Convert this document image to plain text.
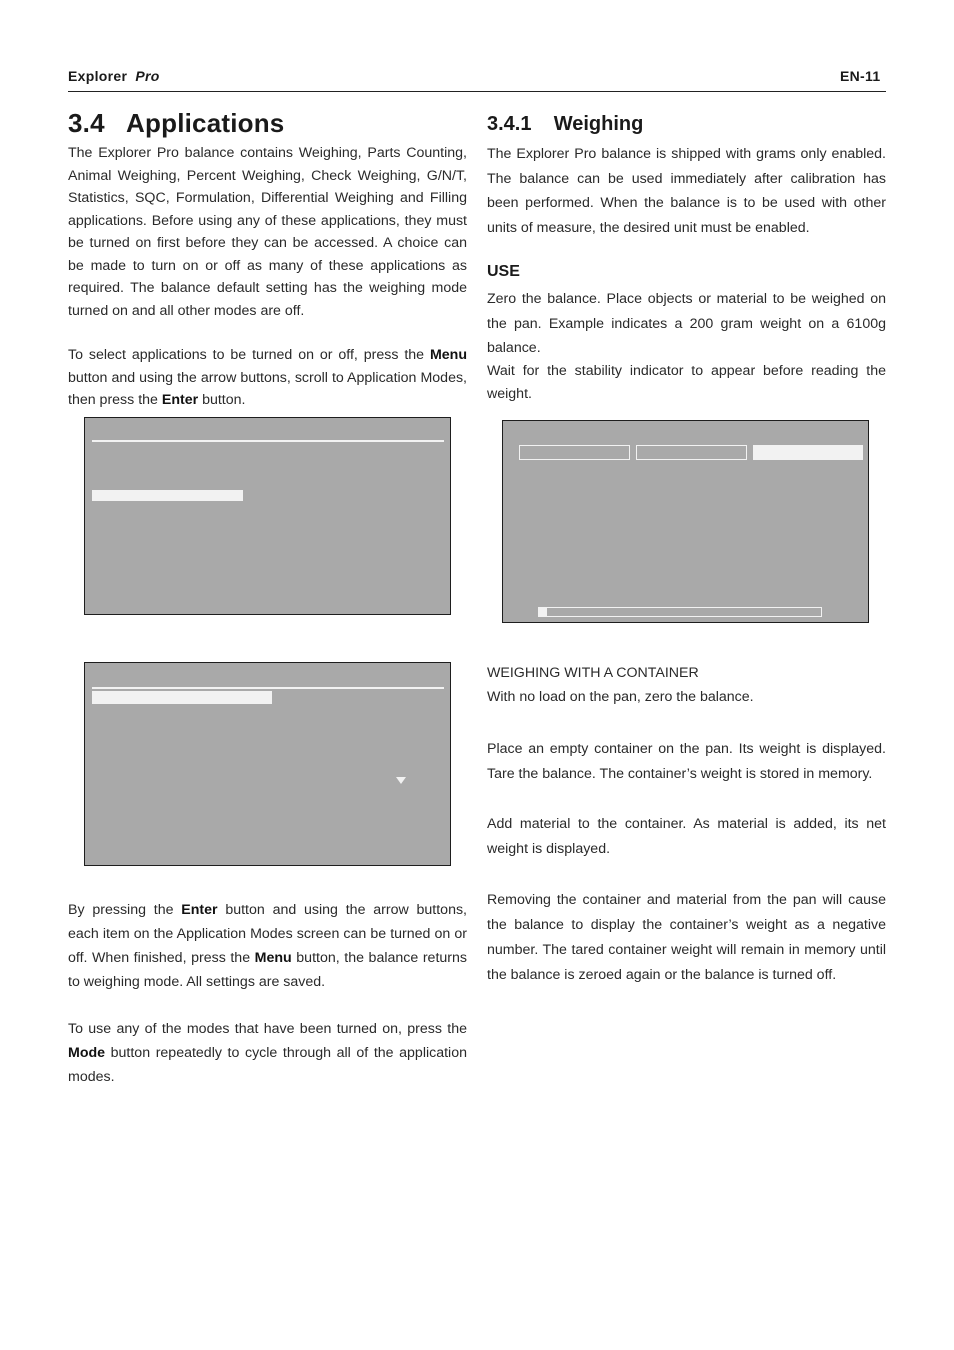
Explorer Pro	EN-11
3.4   Applications

The Explorer Pro balance contains Weighing, Parts Counting, Animal Weighing, Percent Weighing, Check Weighing, G/N/T, Statistics, SQC, Formulation, Differential Weighing and Filling applications. Before using any of these applications, they must be turned on first before they can be accessed. A choice can be made to turn on or off as many of these applications as required. The balance default setting has the weighing mode turned on and all other modes are off.

To select applications to be turned on or off, press the Menu button and using the arrow buttons, scroll to Application Modes, then press the Enter button.

By pressing the Enter button and using the arrow buttons, each item on the Application Modes screen can be turned on or off. When finished, press the Menu button, the balance returns to weighing mode. All settings are saved.

To use any of the modes that have been turned on, press the Mode button repeatedly to cycle through all of the application modes.

3.4.1    Weighing

The Explorer Pro balance is shipped with grams only enabled. The balance can be used immediately after calibration has been performed. When the balance is to be used with other units of measure, the desired unit must be enabled.

USE

Zero the balance. Place objects or material to be weighed on the pan. Example indicates a 200 gram weight on a 6100g balance.

Wait for the stability indicator to appear before reading the weight.

WEIGHING WITH A CONTAINER

With no load on the pan, zero the balance.

Place an empty container on the pan. Its weight is displayed. Tare the balance. The container’s weight is stored in memory.

Add material to the container. As material is added, its net weight is displayed.

Removing the container and material from the pan will cause the balance to display the container’s weight as a negative number. The tared container weight will remain in memory until the balance is zeroed again or the balance is turned off.
